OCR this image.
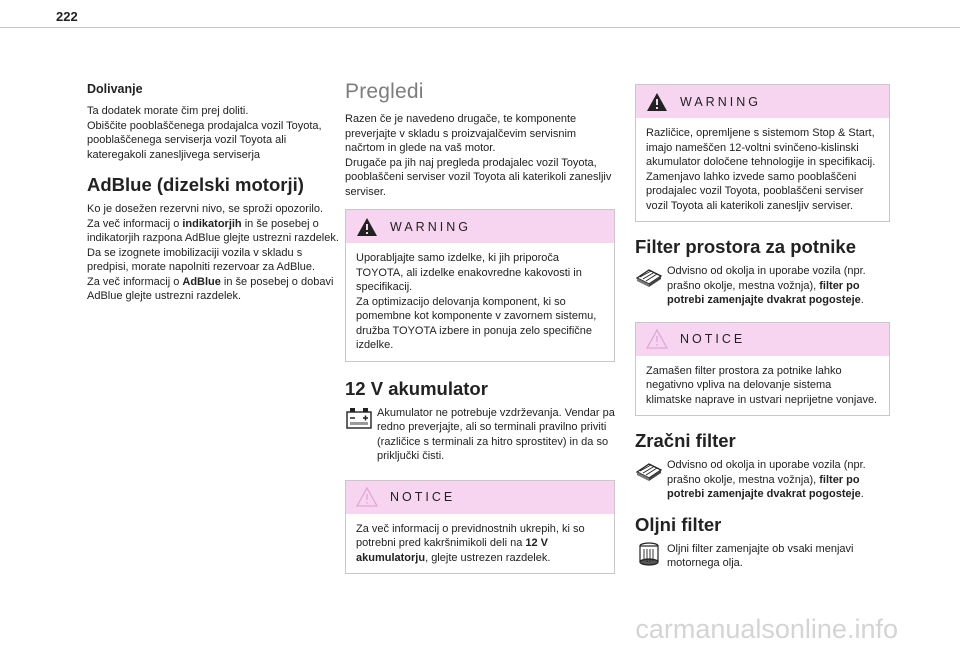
222
Dolivanje

Ta dodatek morate čim prej doliti.
Obiščite pooblaščenega prodajalca vozil Toyota, pooblaščenega serviserja vozil Toyota ali kateregakoli zanesljivega serviserja

AdBlue (dizelski motorji)

Ko je dosežen rezervni nivo, se sproži opozorilo.
Za več informacij o indikatorjih in še posebej o indikatorjih razpona AdBlue glejte ustrezni razdelek.
Da se izognete imobilizaciji vozila v skladu s predpisi, morate napolniti rezervoar za AdBlue.
Za več informacij o AdBlue in še posebej o dobavi AdBlue glejte ustrezni razdelek.

Pregledi

Razen če je navedeno drugače, te komponente preverjajte v skladu s proizvajalčevim servisnim načrtom in glede na vaš motor.
Drugače pa jih naj pregleda prodajalec vozil Toyota, pooblaščeni serviser vozil Toyota ali katerikoli zanesljiv serviser.

WARNING

Uporabljajte samo izdelke, ki jih priporoča TOYOTA, ali izdelke enakovredne kakovosti in specifikacij.
Za optimizacijo delovanja komponent, ki so pomembne kot komponente v zavornem sistemu, družba TOYOTA izbere in ponuja zelo specifične izdelke.

12 V akumulator

Akumulator ne potrebuje vzdrževanja. Vendar pa redno preverjajte, ali so terminali pravilno priviti (različice s terminali za hitro sprostitev) in da so priključki čisti.

NOTICE

Za več informacij o previdnostnih ukrepih, ki so potrebni pred kakršnimikoli deli na 12 V akumulatorju, glejte ustrezen razdelek.

WARNING

Različice, opremljene s sistemom Stop & Start, imajo nameščen 12-voltni svinčeno-kislinski akumulator določene tehnologije in specifikacij.
Zamenjavo lahko izvede samo pooblaščeni prodajalec vozil Toyota, pooblaščeni serviser vozil Toyota ali katerikoli zanesljiv serviser.

Filter prostora za potnike

Odvisno od okolja in uporabe vozila (npr. prašno okolje, mestna vožnja), filter po potrebi zamenjajte dvakrat pogosteje.

NOTICE

Zamašen filter prostora za potnike lahko negativno vpliva na delovanje sistema klimatske naprave in ustvari neprijetne vonjave.

Zračni filter

Odvisno od okolja in uporabe vozila (npr. prašno okolje, mestna vožnja), filter po potrebi zamenjajte dvakrat pogosteje.

Oljni filter

Oljni filter zamenjajte ob vsaki menjavi motornega olja.

carmanualsonline.info
